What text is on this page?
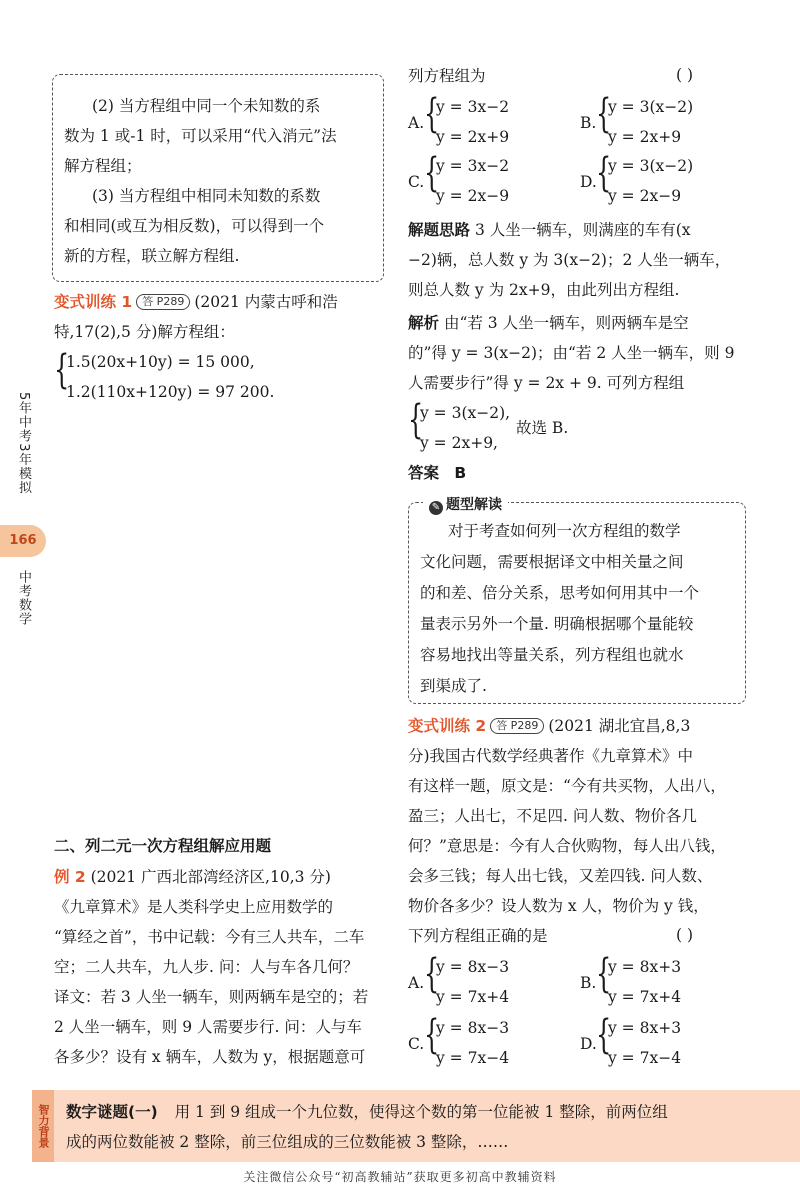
5年中考3年模拟
166
中考数学
(2) 当方程组中同一个未知数的系
数为 1 或-1 时，可以采用“代入消元”法
解方程组；
(3) 当方程组中相同未知数的系数
和相同(或互为相反数)，可以得到一个
新的方程，联立解方程组.
变式训练 1 答 P289 (2021 内蒙古呼和浩
特,17(2),5 分)解方程组：
{
1.5(20x+10y) = 15 000,
1.2(110x+120y) = 97 200.
二、列二元一次方程组解应用题
例 2 (2021 广西北部湾经济区,10,3 分)
《九章算术》是人类科学史上应用数学的
“算经之首”，书中记载：今有三人共车，二车
空；二人共车，九人步. 问：人与车各几何？
译文：若 3 人坐一辆车，则两辆车是空的；若
2 人坐一辆车，则 9 人需要步行. 问：人与车
各多少？设有 x 辆车，人数为 y，根据题意可
列方程组为	( )
A. {
y = 3x−2
y = 2x+9
B. {
y = 3(x−2)
y = 2x+9
C. {
y = 3x−2
y = 2x−9
D. {
y = 3(x−2)
y = 2x−9
解题思路 3 人坐一辆车，则满座的车有(x
−2)辆，总人数 y 为 3(x−2)；2 人坐一辆车，
则总人数 y 为 2x+9，由此列出方程组.
解析 由“若 3 人坐一辆车，则两辆车是空
的”得 y = 3(x−2)；由“若 2 人坐一辆车，则 9
人需要步行”得 y = 2x + 9. 可列方程组
{
y = 3(x−2),
y = 2x+9,
故选 B.
答案 B
✎ 题型解读
对于考查如何列一次方程组的数学
文化问题，需要根据译文中相关量之间
的和差、倍分关系，思考如何用其中一个
量表示另外一个量. 明确根据哪个量能较
容易地找出等量关系，列方程组也就水
到渠成了.
变式训练 2 答 P289 (2021 湖北宜昌,8,3
分)我国古代数学经典著作《九章算术》中
有这样一题，原文是：“今有共买物，人出八，
盈三；人出七，不足四. 问人数、物价各几
何？”意思是：今有人合伙购物，每人出八钱，
会多三钱；每人出七钱，又差四钱. 问人数、
物价各多少？设人数为 x 人，物价为 y 钱，
下列方程组正确的是	( )
A. {
y = 8x−3
y = 7x+4
B. {
y = 8x+3
y = 7x+4
C. {
y = 8x−3
y = 7x−4
D. {
y = 8x+3
y = 7x−4
智力背景 数字谜题(一) 用 1 到 9 组成一个九位数，使得这个数的第一位能被 1 整除，前两位组
成的两位数能被 2 整除，前三位组成的三位数能被 3 整除，……
关注微信公众号“初高教辅站”获取更多初高中教辅资料
